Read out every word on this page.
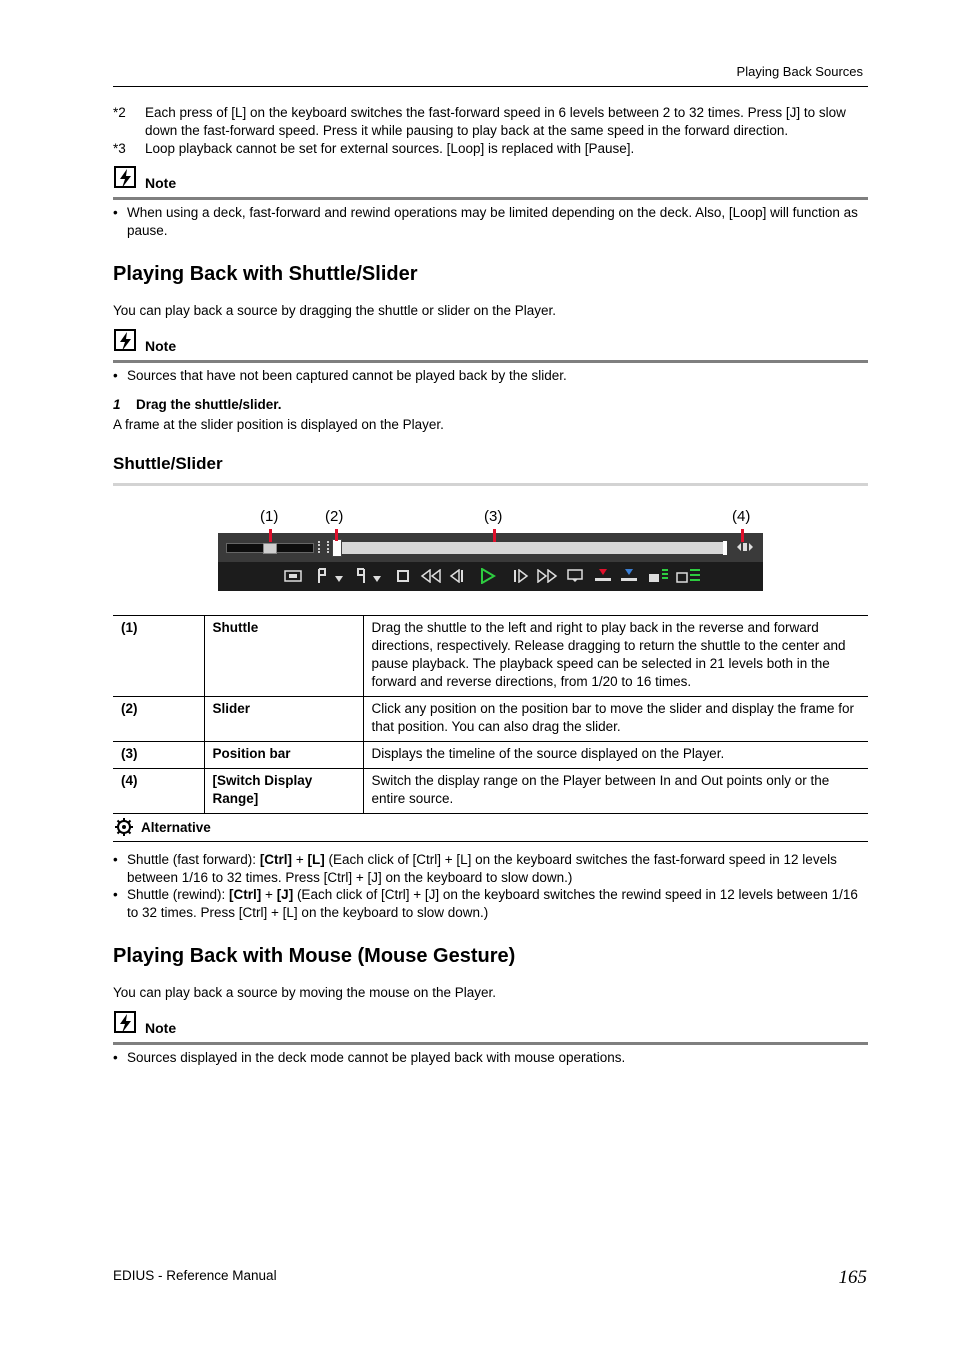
Playing Back Sources
*2 Each press of [L] on the keyboard switches the fast-forward speed in 6 levels between 2 to 32 times. Press [J] to slow down the fast-forward speed. Press it while pausing to play back at the same speed in the forward direction.
*3 Loop playback cannot be set for external sources. [Loop] is replaced with [Pause].
Note
• When using a deck, fast-forward and rewind operations may be limited depending on the deck. Also, [Loop] will function as pause.
Playing Back with Shuttle/Slider
You can play back a source by dragging the shuttle or slider on the Player.
Note
• Sources that have not been captured cannot be played back by the slider.
1 Drag the shuttle/slider.
A frame at the slider position is displayed on the Player.
Shuttle/Slider
(1)	(2)	(3)	(4)
(1)	Shuttle	Drag the shuttle to the left and right to play back in the reverse and forward directions, respectively. Release dragging to return the shuttle to the center and pause playback. The playback speed can be selected in 21 levels both in the forward and reverse directions, from 1/20 to 16 times.
(2)	Slider	Click any position on the position bar to move the slider and display the frame for that position. You can also drag the slider.
(3)	Position bar	Displays the timeline of the source displayed on the Player.
(4)	[Switch Display Range]	Switch the display range on the Player between In and Out points only or the entire source.
Alternative
• Shuttle (fast forward): [Ctrl] + [L] (Each click of [Ctrl] + [L] on the keyboard switches the fast-forward speed in 12 levels between 1/16 to 32 times. Press [Ctrl] + [J] on the keyboard to slow down.)
• Shuttle (rewind): [Ctrl] + [J] (Each click of [Ctrl] + [J] on the keyboard switches the rewind speed in 12 levels between 1/16 to 32 times. Press [Ctrl] + [L] on the keyboard to slow down.)
Playing Back with Mouse (Mouse Gesture)
You can play back a source by moving the mouse on the Player.
Note
• Sources displayed in the deck mode cannot be played back with mouse operations.
EDIUS - Reference Manual	165
